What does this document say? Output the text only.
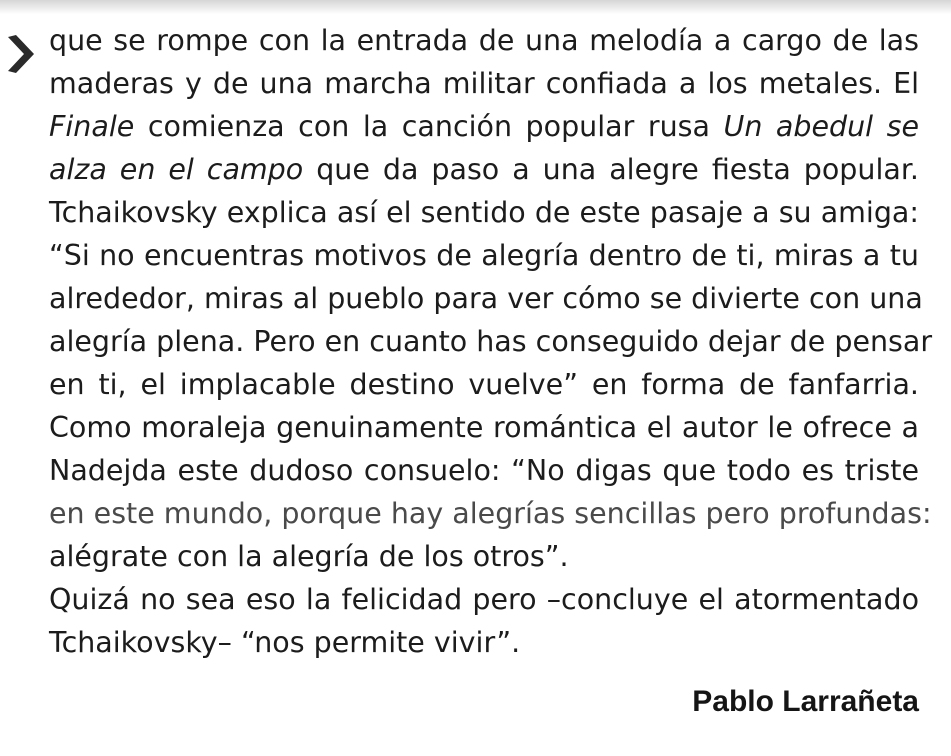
que se rompe con la entrada de una melodía a cargo de las
maderas y de una marcha militar confiada a los metales. El
Finale comienza con la canción popular rusa Un abedul se
alza en el campo que da paso a una alegre fiesta popular.
Tchaikovsky explica así el sentido de este pasaje a su amiga:
“Si no encuentras motivos de alegría dentro de ti, miras a tu
alrededor, miras al pueblo para ver cómo se divierte con una
alegría plena. Pero en cuanto has conseguido dejar de pensar
en ti, el implacable destino vuelve” en forma de fanfarria.
Como moraleja genuinamente romántica el autor le ofrece a
Nadejda este dudoso consuelo: “No digas que todo es triste
en este mundo, porque hay alegrías sencillas pero profundas:
alégrate con la alegría de los otros”.
Quizá no sea eso la felicidad pero –concluye el atormentado
Tchaikovsky– “nos permite vivir”.
Pablo Larrañeta
